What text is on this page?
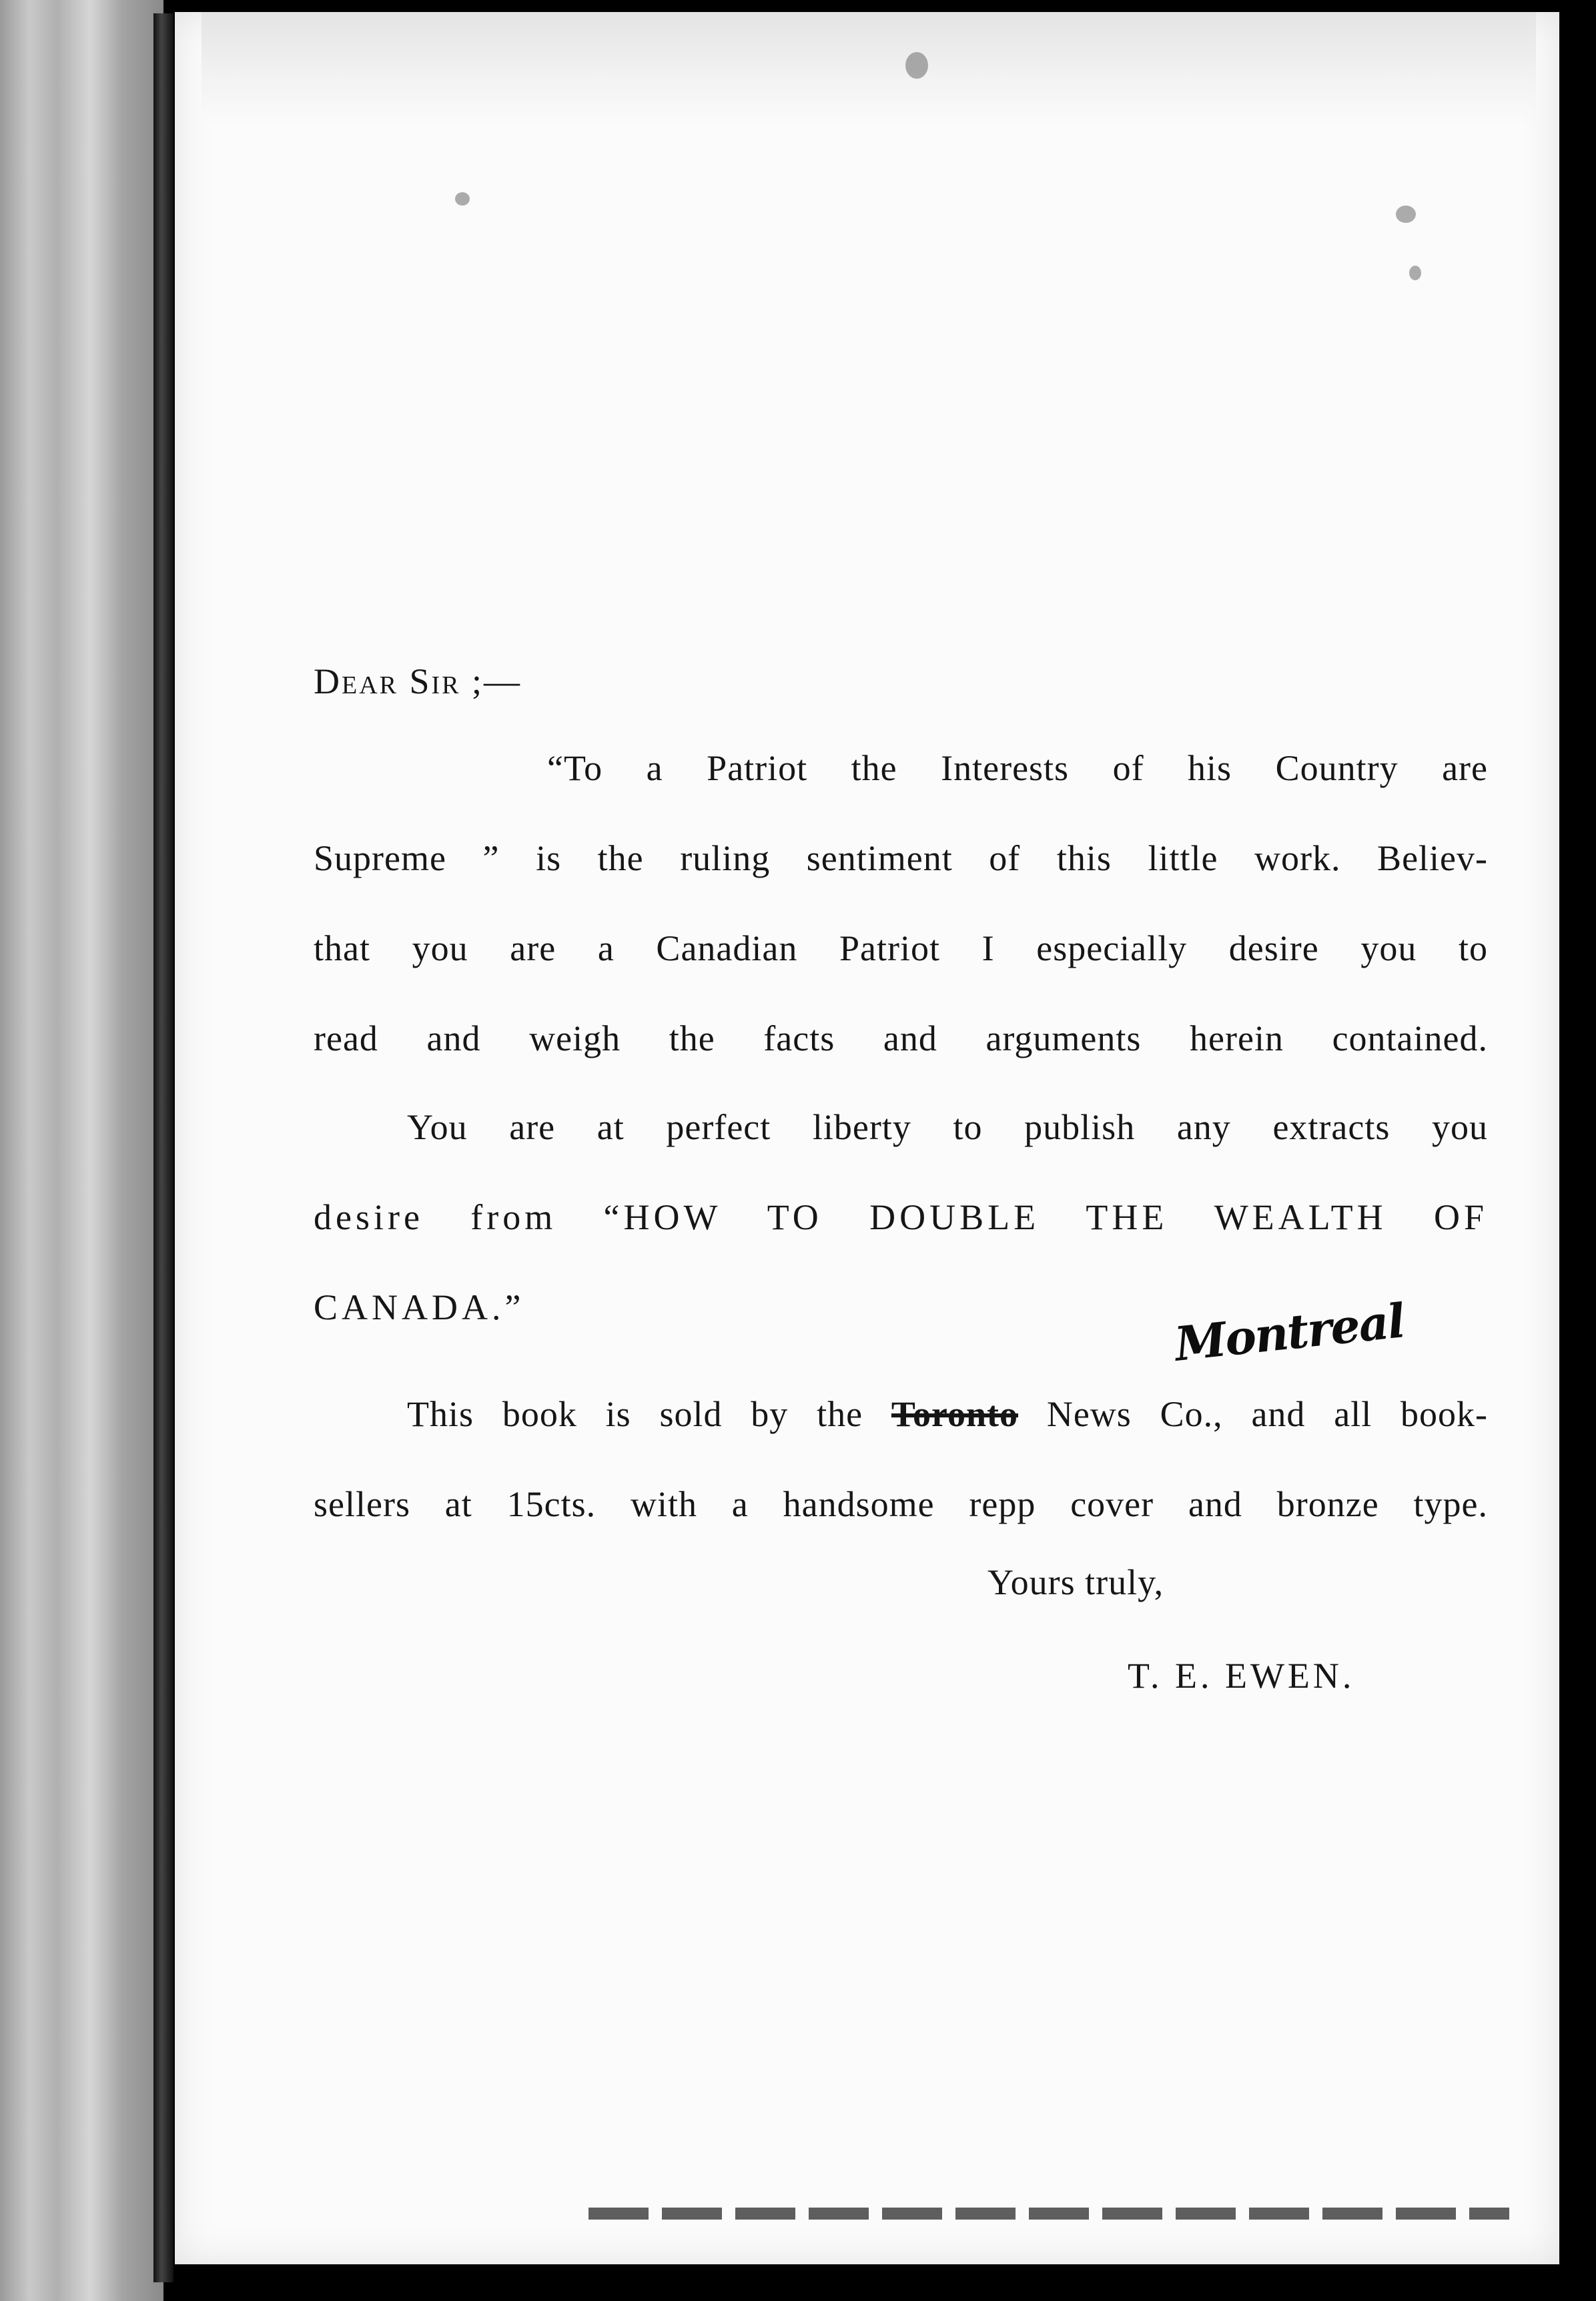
Dear Sir ;—
“To a Patriot the Interests of his Country are
Supreme ” is the ruling sentiment of this little work. Believ-
that you are a Canadian Patriot I especially desire you to
read and weigh the facts and arguments herein contained.
You are at perfect liberty to publish any extracts you
desire from “HOW TO DOUBLE THE WEALTH OF
CANADA.”	Montreal
This book is sold by the Toronto News Co., and all book-
sellers at 15cts. with a handsome repp cover and bronze type.
Yours truly,
T. E. EWEN.
